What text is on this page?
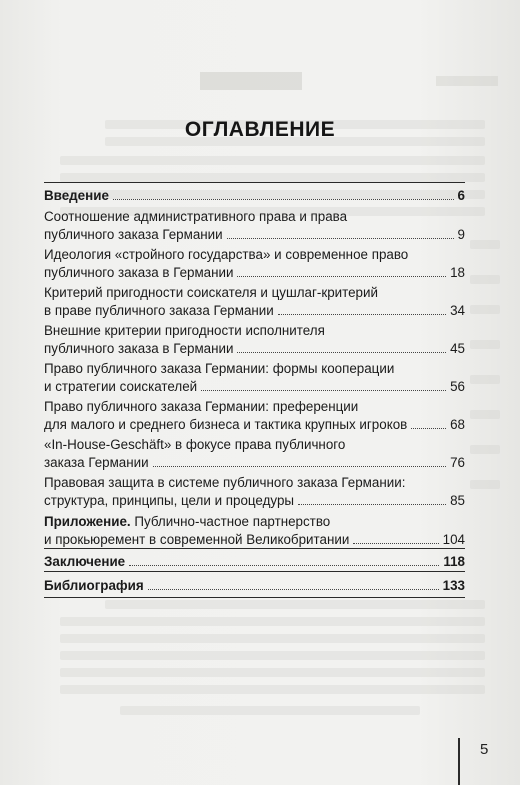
ОГЛАВЛЕНИЕ
Введение	6
Соотношение административного права и права
публичного заказа Германии	9
Идеология «стройного государства» и современное право
публичного заказа в Германии	18
Критерий пригодности соискателя и цушлаг-критерий
в праве публичного заказа Германии	34
Внешние критерии пригодности исполнителя
публичного заказа в Германии	45
Право публичного заказа Германии: формы кооперации
и стратегии соискателей	56
Право публичного заказа Германии: преференции
для малого и среднего бизнеса и тактика крупных игроков	68
«In-House-Geschäft» в фокусе права публичного
заказа Германии	76
Правовая защита в системе публичного заказа Германии:
структура, принципы, цели и процедуры	85
Приложение. Публично-частное партнерство
и прокьюремент в современной Великобритании	104
Заключение	118
Библиография	133
5
